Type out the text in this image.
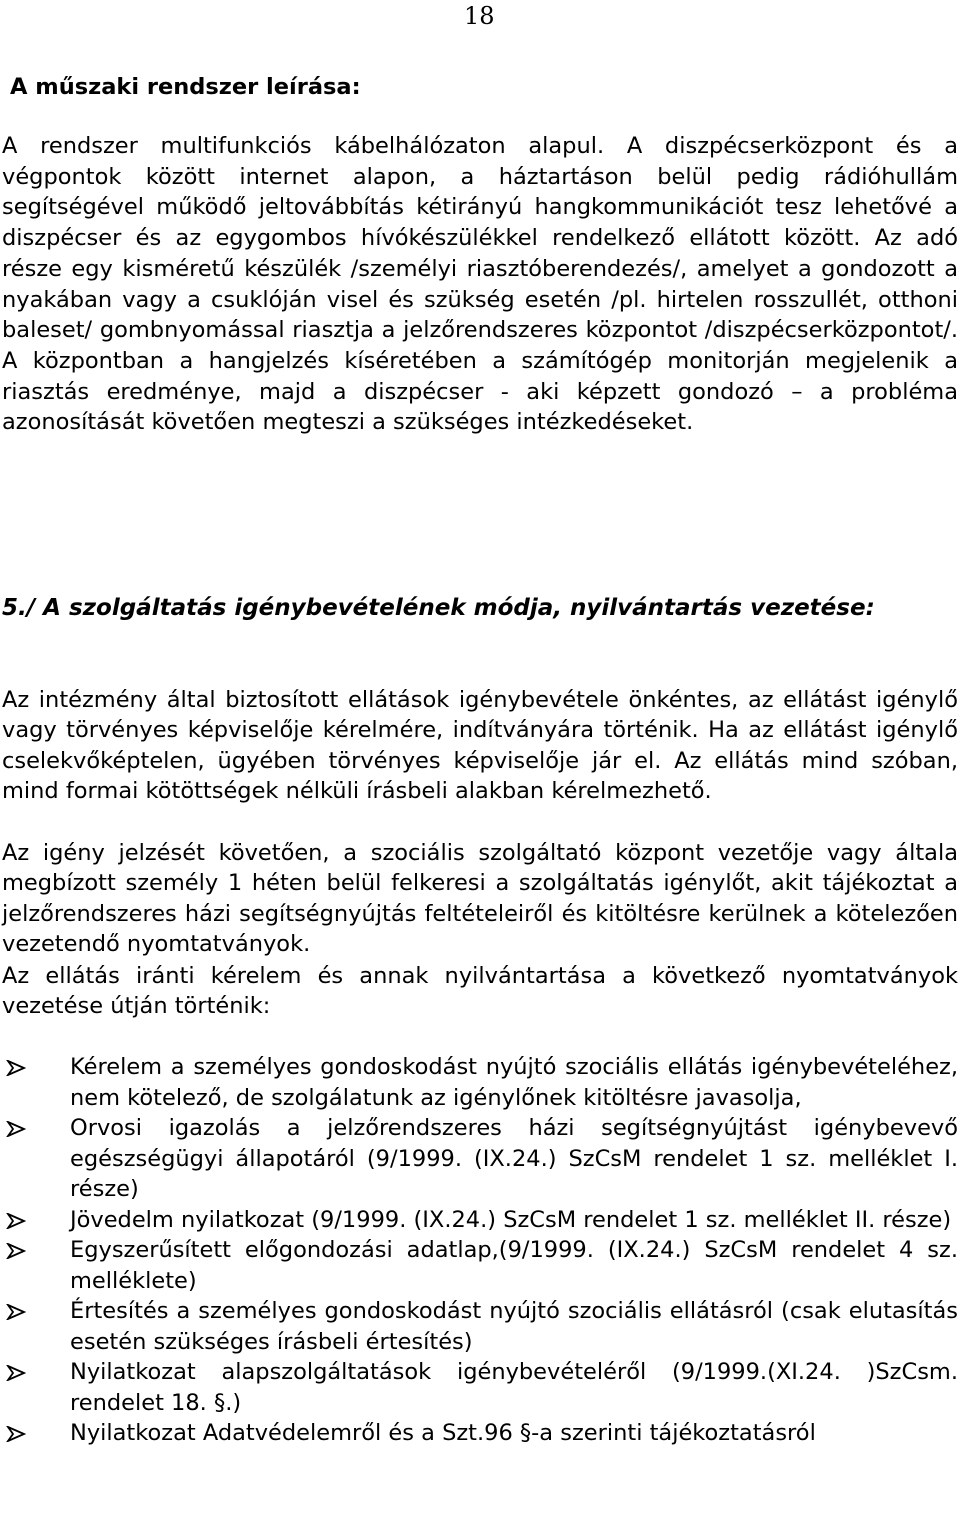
18
A műszaki rendszer leírása:
A rendszer multifunkciós kábelhálózaton alapul. A diszpécserközpont és a végpontok között internet alapon, a háztartáson belül pedig rádióhullám segítségével működő jeltovábbítás kétirányú hangkommunikációt tesz lehetővé a diszpécser és az egygombos hívókészülékkel rendelkező ellátott között. Az adó része egy kisméretű készülék /személyi riasztóberendezés/, amelyet a gondozott a nyakában vagy a csuklóján visel és szükség esetén /pl. hirtelen rosszullét, otthoni baleset/ gombnyomással riasztja a jelzőrendszeres központot /diszpécserközpontot/. A központban a hangjelzés kíséretében a számítógép monitorján megjelenik a riasztás eredménye, majd a diszpécser - aki képzett gondozó – a probléma azonosítását követően megteszi a szükséges intézkedéseket.
5./ A szolgáltatás igénybevételének módja, nyilvántartás vezetése:
Az intézmény által biztosított ellátások igénybevétele önkéntes, az ellátást igénylő vagy törvényes képviselője kérelmére, indítványára történik. Ha az ellátást igénylő cselekvőképtelen, ügyében törvényes képviselője jár el. Az ellátás mind szóban, mind formai kötöttségek nélküli írásbeli alakban kérelmezhető.
Az igény jelzését követően, a szociális szolgáltató központ vezetője vagy általa megbízott személy 1 héten belül felkeresi a szolgáltatás igénylőt, akit tájékoztat a jelzőrendszeres házi segítségnyújtás feltételeiről és kitöltésre kerülnek a kötelezően vezetendő nyomtatványok.
Az ellátás iránti kérelem és annak nyilvántartása a következő nyomtatványok vezetése útján történik:
Kérelem a személyes gondoskodást nyújtó szociális ellátás igénybevételéhez, nem kötelező, de szolgálatunk az igénylőnek kitöltésre javasolja,
Orvosi igazolás a jelzőrendszeres házi segítségnyújtást igénybevevő egészségügyi állapotáról (9/1999. (IX.24.) SzCsM rendelet 1 sz. melléklet I. része)
Jövedelm nyilatkozat (9/1999. (IX.24.) SzCsM rendelet 1 sz. melléklet II. része)
Egyszerűsített előgondozási adatlap,(9/1999. (IX.24.) SzCsM rendelet 4 sz. melléklete)
Értesítés a személyes gondoskodást nyújtó szociális ellátásról (csak elutasítás esetén szükséges írásbeli értesítés)
Nyilatkozat alapszolgáltatások igénybevételéről (9/1999.(XI.24. )SzCsm. rendelet 18. §.)
Nyilatkozat Adatvédelemről és a Szt.96 §-a szerinti tájékoztatásról
